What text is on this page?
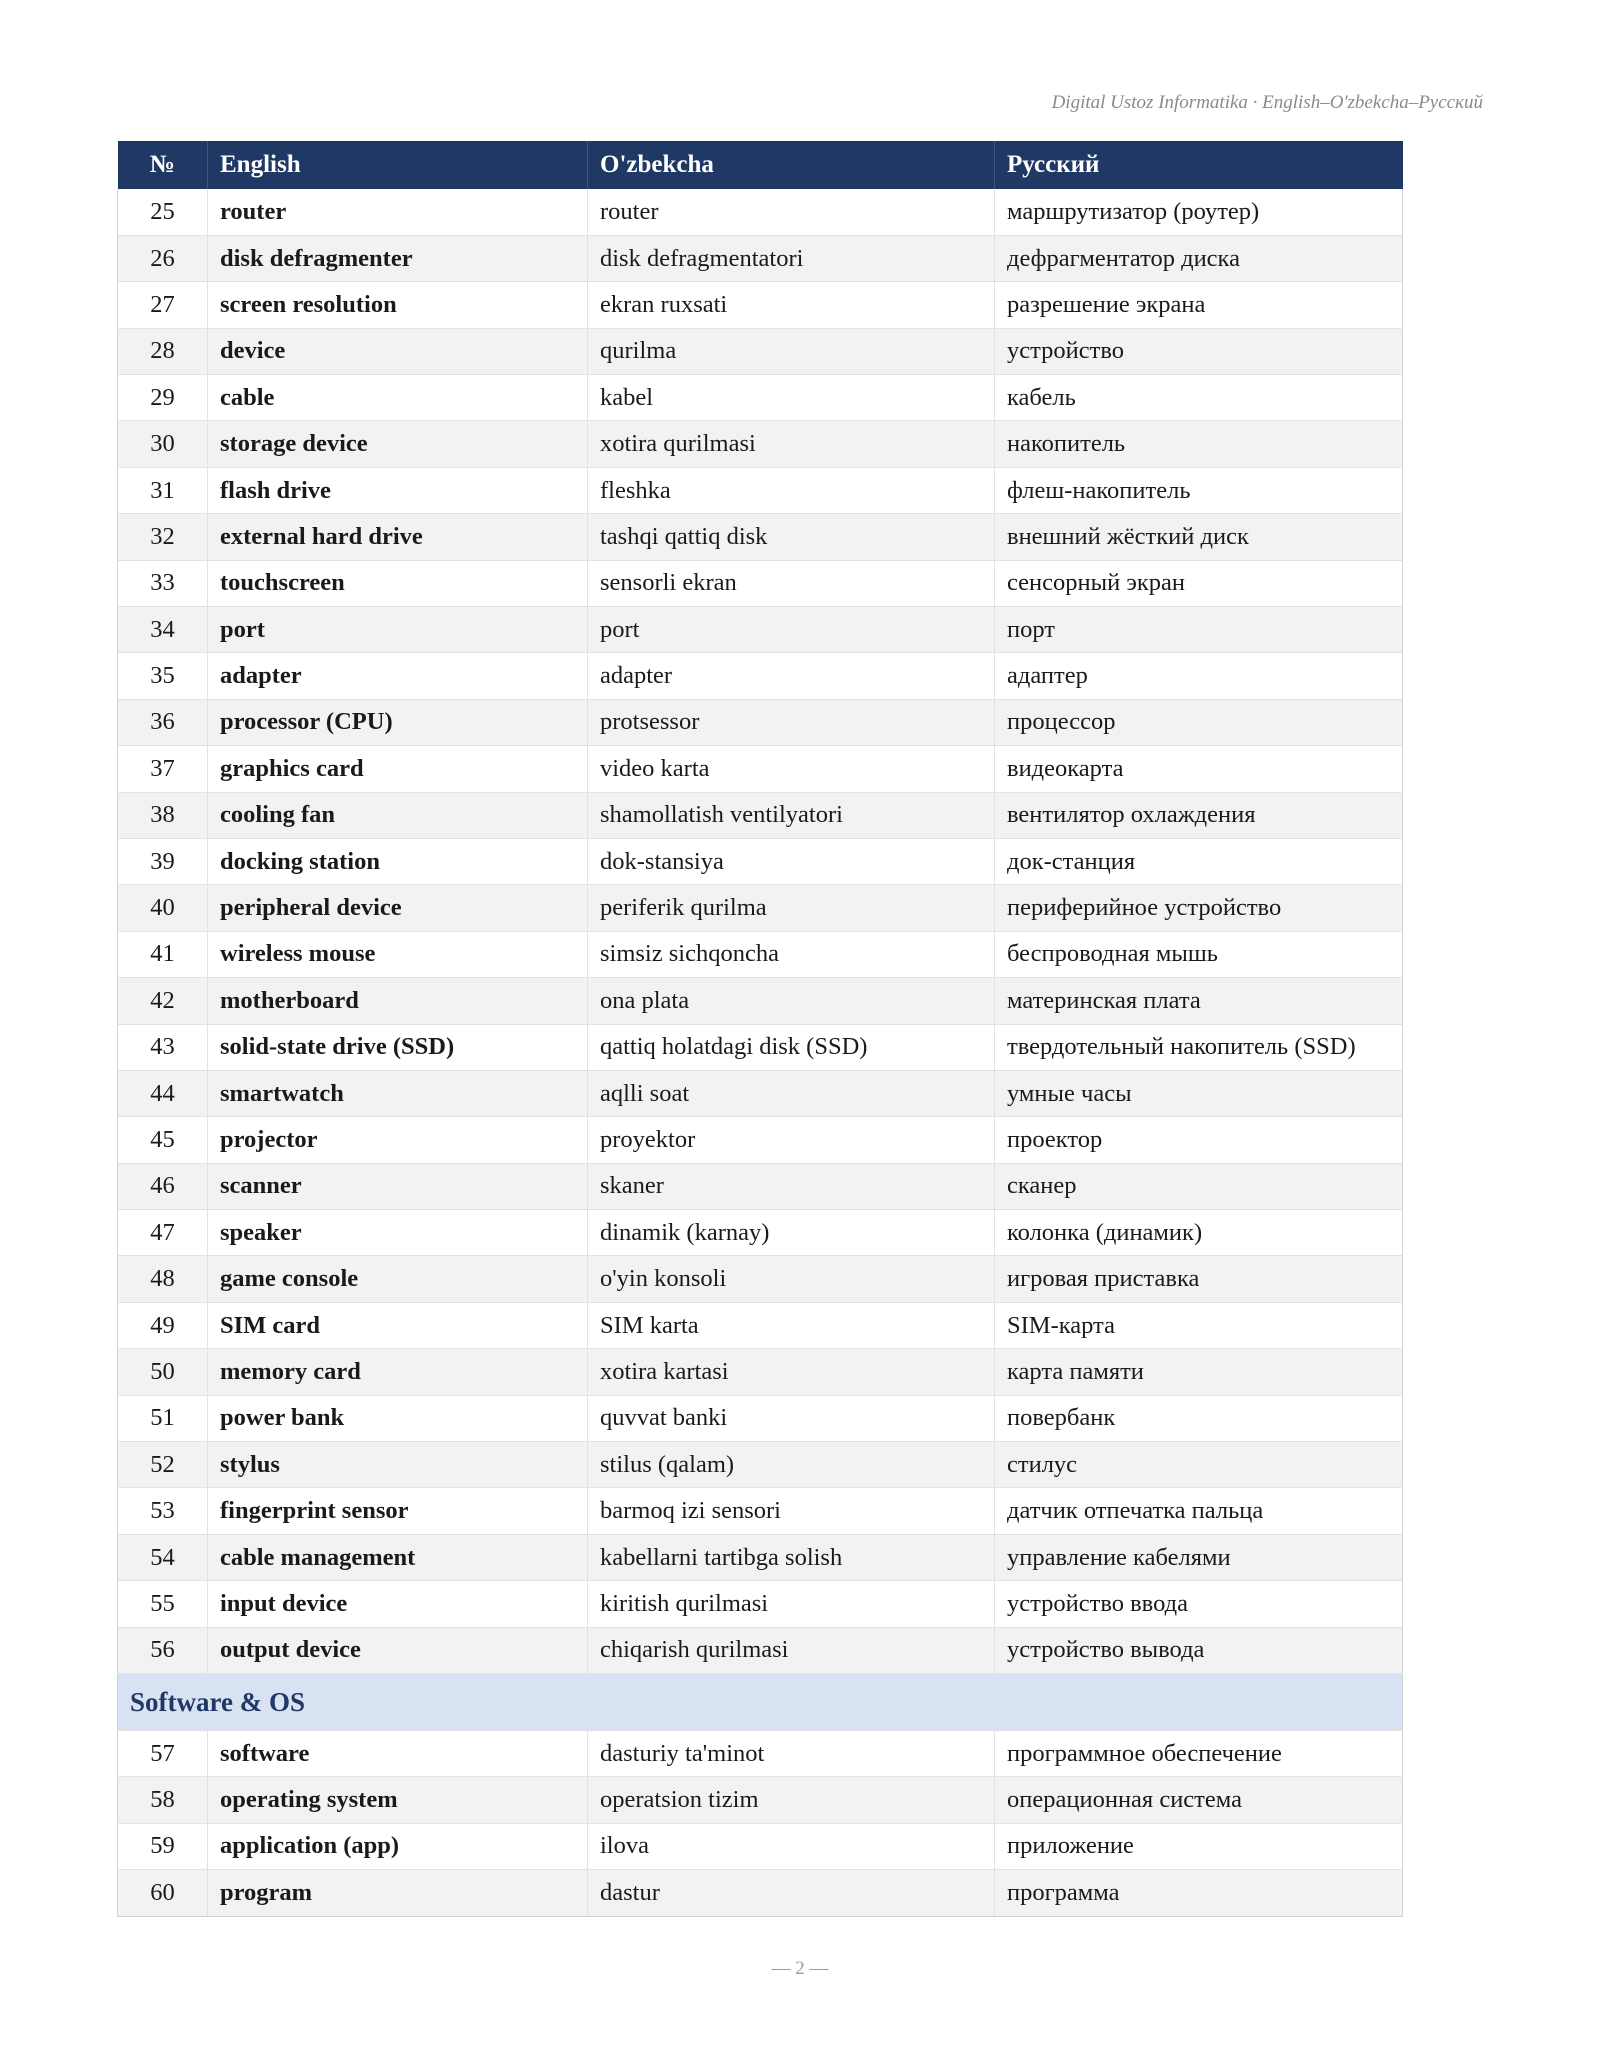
Digital Ustoz Informatika · English–O'zbekcha–Русский
№	English	O'zbekcha	Русский
25	router	router	маршрутизатор (роутер)
26	disk defragmenter	disk defragmentatori	дефрагментатор диска
27	screen resolution	ekran ruxsati	разрешение экрана
28	device	qurilma	устройство
29	cable	kabel	кабель
30	storage device	xotira qurilmasi	накопитель
31	flash drive	fleshka	флеш-накопитель
32	external hard drive	tashqi qattiq disk	внешний жёсткий диск
33	touchscreen	sensorli ekran	сенсорный экран
34	port	port	порт
35	adapter	adapter	адаптер
36	processor (CPU)	protsessor	процессор
37	graphics card	video karta	видеокарта
38	cooling fan	shamollatish ventilyatori	вентилятор охлаждения
39	docking station	dok-stansiya	док-станция
40	peripheral device	periferik qurilma	периферийное устройство
41	wireless mouse	simsiz sichqoncha	беспроводная мышь
42	motherboard	ona plata	материнская плата
43	solid-state drive (SSD)	qattiq holatdagi disk (SSD)	твердотельный накопитель (SSD)
44	smartwatch	aqlli soat	умные часы
45	projector	proyektor	проектор
46	scanner	skaner	сканер
47	speaker	dinamik (karnay)	колонка (динамик)
48	game console	o'yin konsoli	игровая приставка
49	SIM card	SIM karta	SIM-карта
50	memory card	xotira kartasi	карта памяти
51	power bank	quvvat banki	повербанк
52	stylus	stilus (qalam)	стилус
53	fingerprint sensor	barmoq izi sensori	датчик отпечатка пальца
54	cable management	kabellarni tartibga solish	управление кабелями
55	input device	kiritish qurilmasi	устройство ввода
56	output device	chiqarish qurilmasi	устройство вывода
Software & OS			
57	software	dasturiy ta'minot	программное обеспечение
58	operating system	operatsion tizim	операционная система
59	application (app)	ilova	приложение
60	program	dastur	программа
— 2 —
